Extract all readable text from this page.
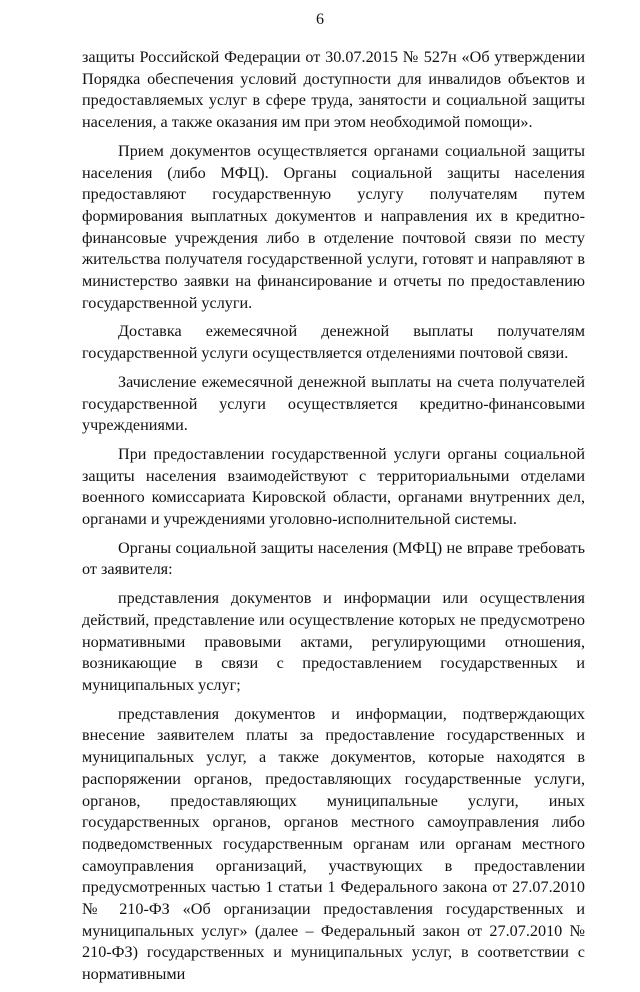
6

защиты Российской Федерации от 30.07.2015 № 527н «Об утверждении Порядка обеспечения условий доступности для инвалидов объектов и предоставляемых услуг в сфере труда, занятости и социальной защиты населения, а также оказания им при этом необходимой помощи».

Прием документов осуществляется органами социальной защиты населения (либо МФЦ). Органы социальной защиты населения предоставляют государственную услугу получателям путем формирования выплатных документов и направления их в кредитно-финансовые учреждения либо в отделение почтовой связи по месту жительства получателя государственной услуги, готовят и направляют в министерство заявки на финансирование и отчеты по предоставлению государственной услуги.

Доставка ежемесячной денежной выплаты получателям государственной услуги осуществляется отделениями почтовой связи.

Зачисление ежемесячной денежной выплаты на счета получателей государственной услуги осуществляется кредитно-финансовыми учреждениями.

При предоставлении государственной услуги органы социальной защиты населения взаимодействуют с территориальными отделами военного комиссариата Кировской области, органами внутренних дел, органами и учреждениями уголовно-исполнительной системы.

Органы социальной защиты населения (МФЦ) не вправе требовать от заявителя:

представления документов и информации или осуществления действий, представление или осуществление которых не предусмотрено нормативными правовыми актами, регулирующими отношения, возникающие в связи с предоставлением государственных и муниципальных услуг;

представления документов и информации, подтверждающих внесение заявителем платы за предоставление государственных и муниципальных услуг, а также документов, которые находятся в распоряжении органов, предоставляющих государственные услуги, органов, предоставляющих муниципальные услуги, иных государственных органов, органов местного самоуправления либо подведомственных государственным органам или органам местного самоуправления организаций, участвующих в предоставлении предусмотренных частью 1 статьи 1 Федерального закона от 27.07.2010 № 210-ФЗ «Об организации предоставления государственных и муниципальных услуг» (далее – Федеральный закон от 27.07.2010 № 210-ФЗ) государственных и муниципальных услуг, в соответствии с нормативными
